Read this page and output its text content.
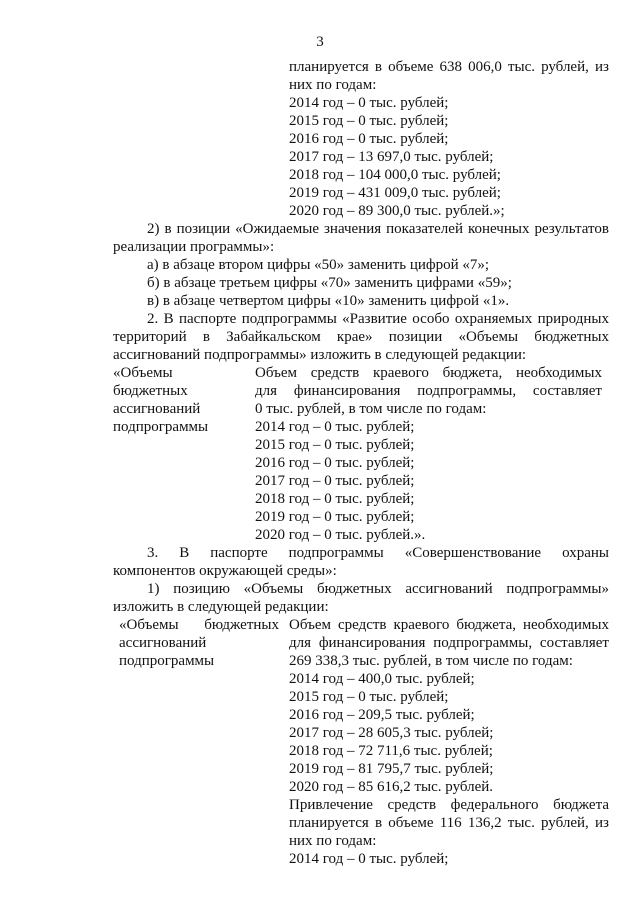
3
планируется в объеме 638 006,0 тыс. рублей, из
них по годам:
2014 год – 0 тыс. рублей;
2015 год – 0 тыс. рублей;
2016 год – 0 тыс. рублей;
2017 год – 13 697,0 тыс. рублей;
2018 год – 104 000,0 тыс. рублей;
2019 год – 431 009,0 тыс. рублей;
2020 год – 89 300,0 тыс. рублей.»;
2) в позиции «Ожидаемые значения показателей конечных результатов
реализации программы»:
а) в абзаце втором цифры «50» заменить цифрой «7»;
б) в абзаце третьем цифры «70» заменить цифрами «59»;
в) в абзаце четвертом цифры «10» заменить цифрой «1».
2. В паспорте подпрограммы «Развитие особо охраняемых природных
территорий в Забайкальском крае» позиции «Объемы бюджетных
ассигнований подпрограммы» изложить в следующей редакции:
«Объемы
бюджетных
ассигнований
подпрограммы
Объем средств краевого бюджета, необходимых
для финансирования подпрограммы, составляет
0 тыс. рублей, в том числе по годам:
2014 год – 0 тыс. рублей;
2015 год – 0 тыс. рублей;
2016 год – 0 тыс. рублей;
2017 год – 0 тыс. рублей;
2018 год – 0 тыс. рублей;
2019 год – 0 тыс. рублей;
2020 год – 0 тыс. рублей.».
3. В паспорте подпрограммы «Совершенствование охраны
компонентов окружающей среды»:
1) позицию «Объемы бюджетных ассигнований подпрограммы»
изложить в следующей редакции:
«Объемы бюджетных
ассигнований
подпрограммы
Объем средств краевого бюджета, необходимых
для финансирования подпрограммы, составляет
269 338,3 тыс. рублей, в том числе по годам:
2014 год – 400,0 тыс. рублей;
2015 год – 0 тыс. рублей;
2016 год – 209,5 тыс. рублей;
2017 год – 28 605,3 тыс. рублей;
2018 год – 72 711,6 тыс. рублей;
2019 год – 81 795,7 тыс. рублей;
2020 год – 85 616,2 тыс. рублей.
Привлечение средств федерального бюджета
планируется в объеме 116 136,2 тыс. рублей, из
них по годам:
2014 год – 0 тыс. рублей;
